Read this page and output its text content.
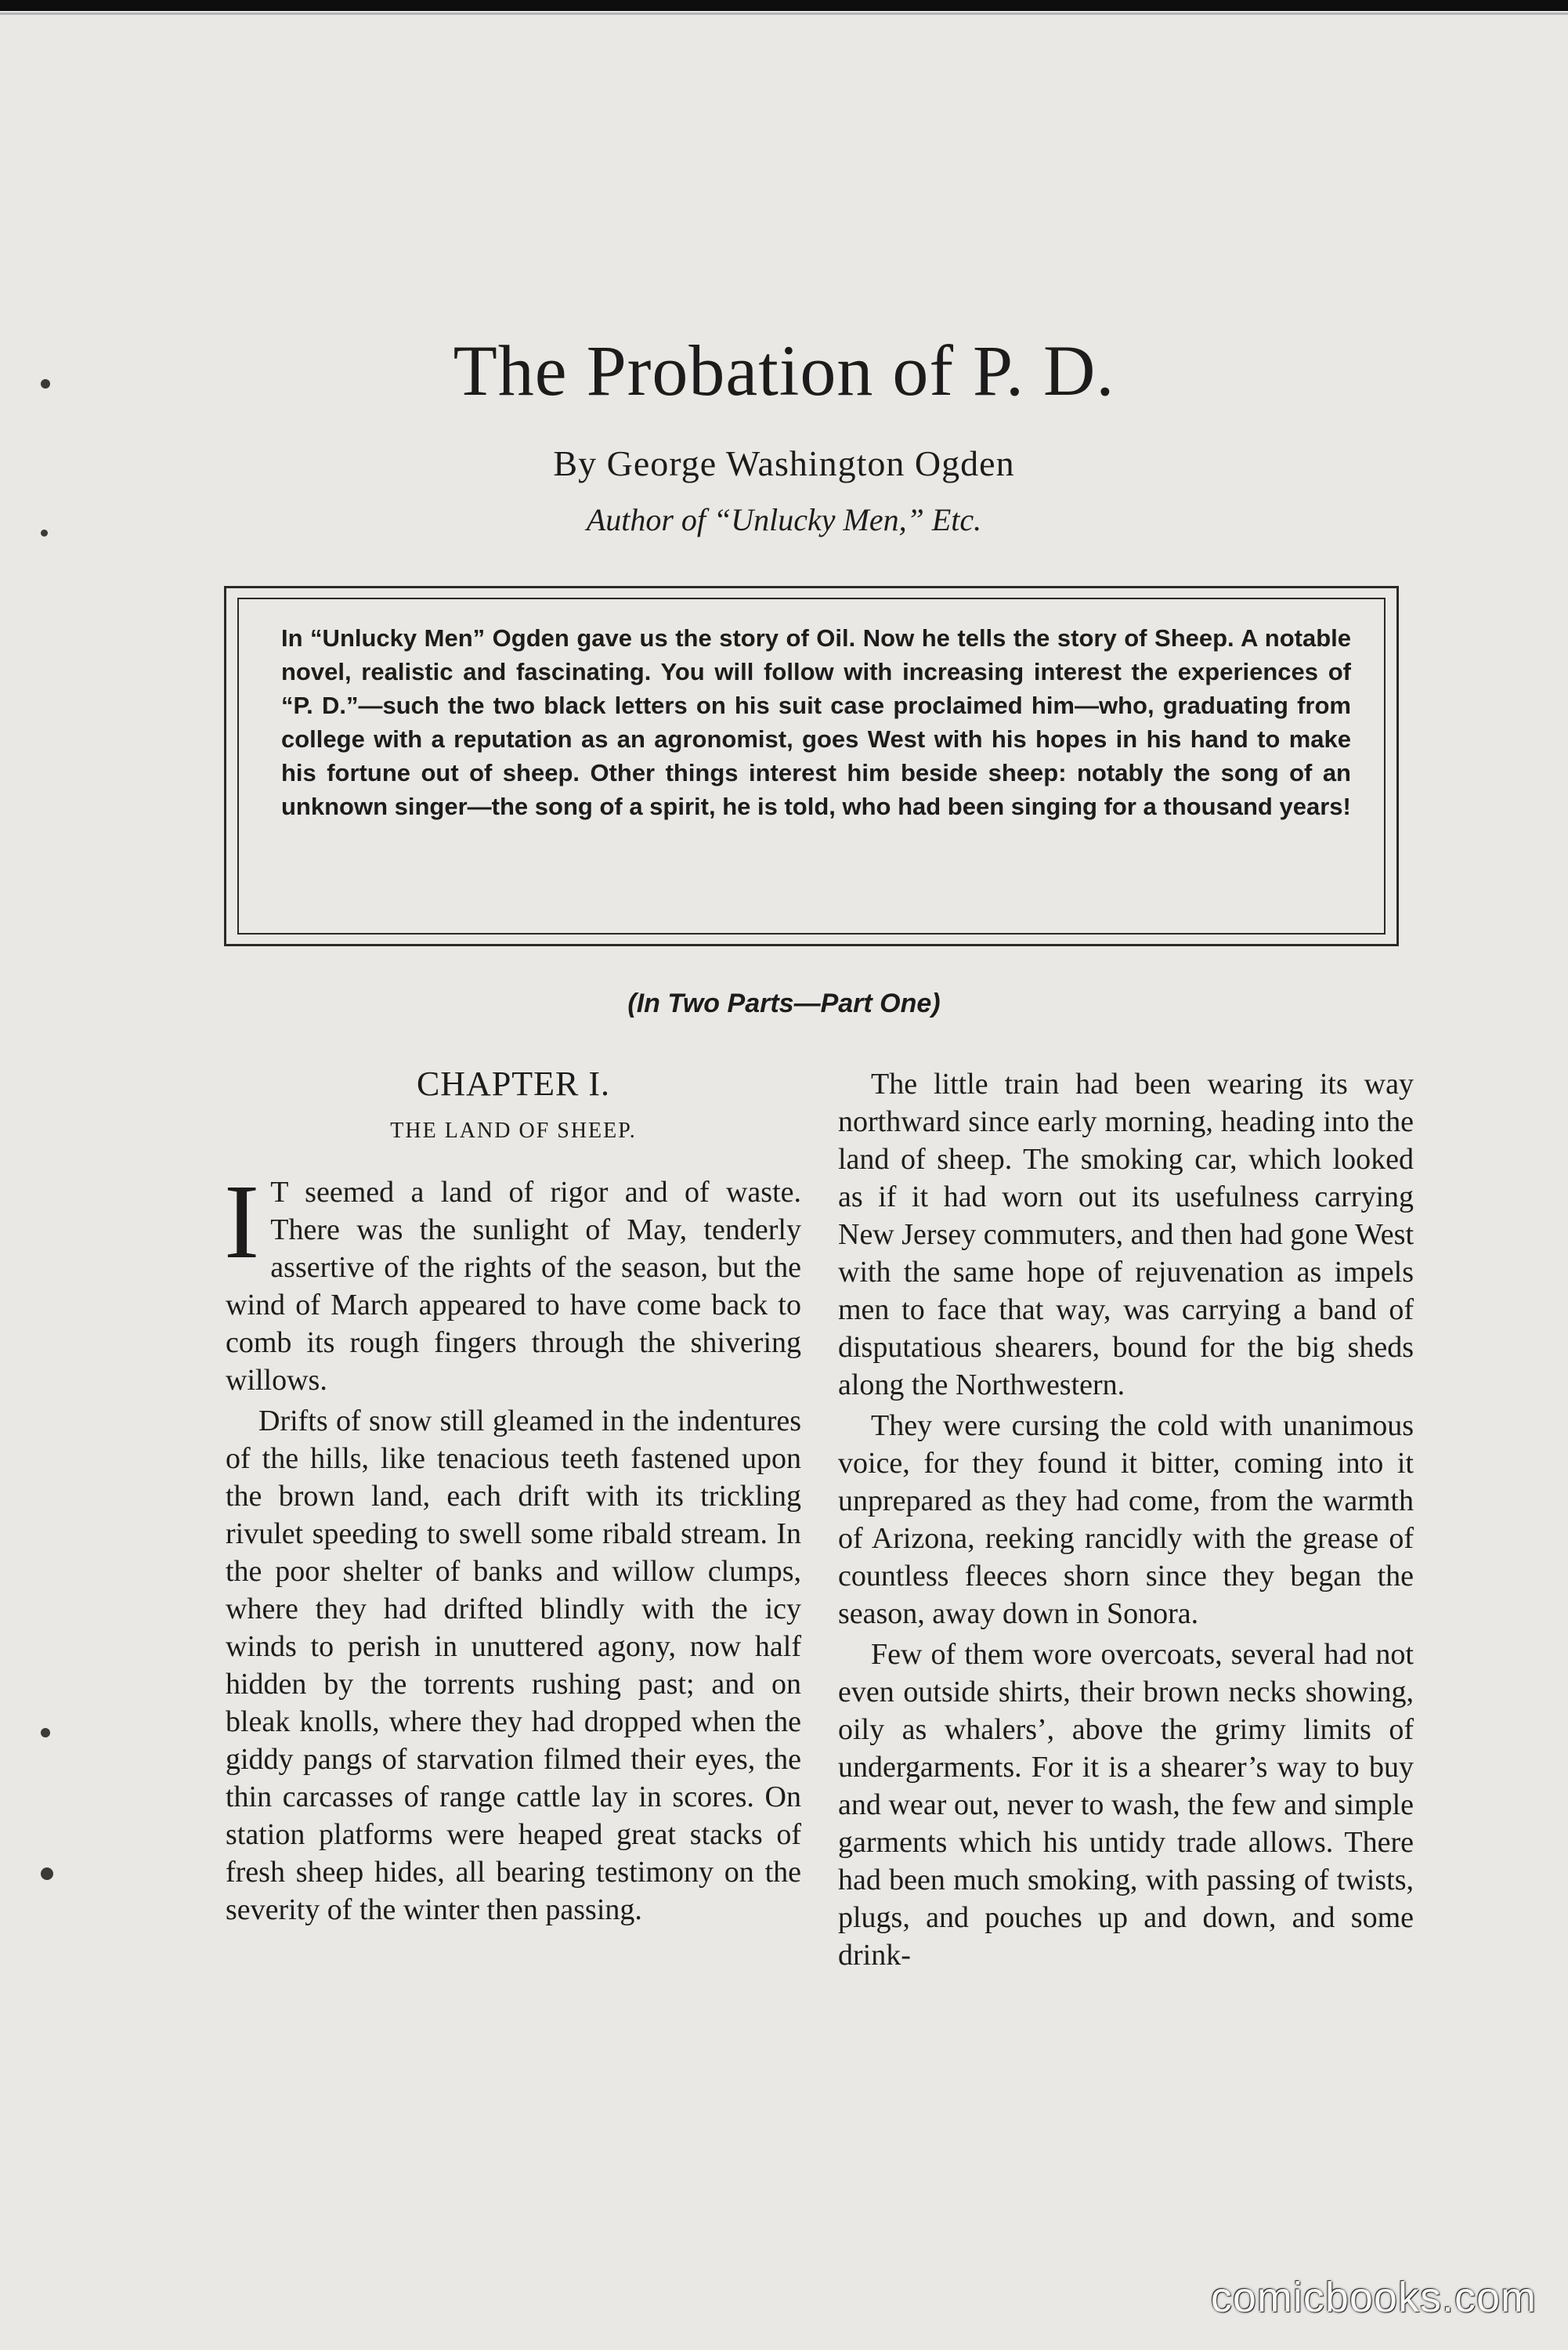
The Probation of P. D.
By George Washington Ogden
Author of “Unlucky Men,” Etc.

In “Unlucky Men” Ogden gave us the story of Oil. Now he tells the story of Sheep. A notable novel, realistic and fascinating. You will follow with increasing interest the experiences of “P. D.”—such the two black letters on his suit case proclaimed him—who, graduating from college with a reputation as an agronomist, goes West with his hopes in his hand to make his fortune out of sheep. Other things interest him beside sheep: notably the song of an unknown singer—the song of a spirit, he is told, who had been singing for a thousand years!

(In Two Parts—Part One)
CHAPTER I.
THE LAND OF SHEEP.

I T seemed a land of rigor and of waste. There was the sunlight of May, tenderly assertive of the rights of the season, but the wind of March appeared to have come back to comb its rough fingers through the shivering willows.

Drifts of snow still gleamed in the indentures of the hills, like tenacious teeth fastened upon the brown land, each drift with its trickling rivulet speeding to swell some ribald stream. In the poor shelter of banks and willow clumps, where they had drifted blindly with the icy winds to perish in unuttered agony, now half hidden by the torrents rushing past; and on bleak knolls, where they had dropped when the giddy pangs of starvation filmed their eyes, the thin carcasses of range cattle lay in scores. On station platforms were heaped great stacks of fresh sheep hides, all bearing testimony on the severity of the winter then passing.

The little train had been wearing its way northward since early morning, heading into the land of sheep. The smoking car, which looked as if it had worn out its usefulness carrying New Jersey commuters, and then had gone West with the same hope of rejuvenation as impels men to face that way, was carrying a band of disputatious shearers, bound for the big sheds along the Northwestern.

They were cursing the cold with unanimous voice, for they found it bitter, coming into it unprepared as they had come, from the warmth of Arizona, reeking rancidly with the grease of countless fleeces shorn since they began the season, away down in Sonora.

Few of them wore overcoats, several had not even outside shirts, their brown necks showing, oily as whalers’, above the grimy limits of undergarments. For it is a shearer’s way to buy and wear out, never to wash, the few and simple garments which his untidy trade allows. There had been much smoking, with passing of twists, plugs, and pouches up and down, and some drink-

comicbooks.com
